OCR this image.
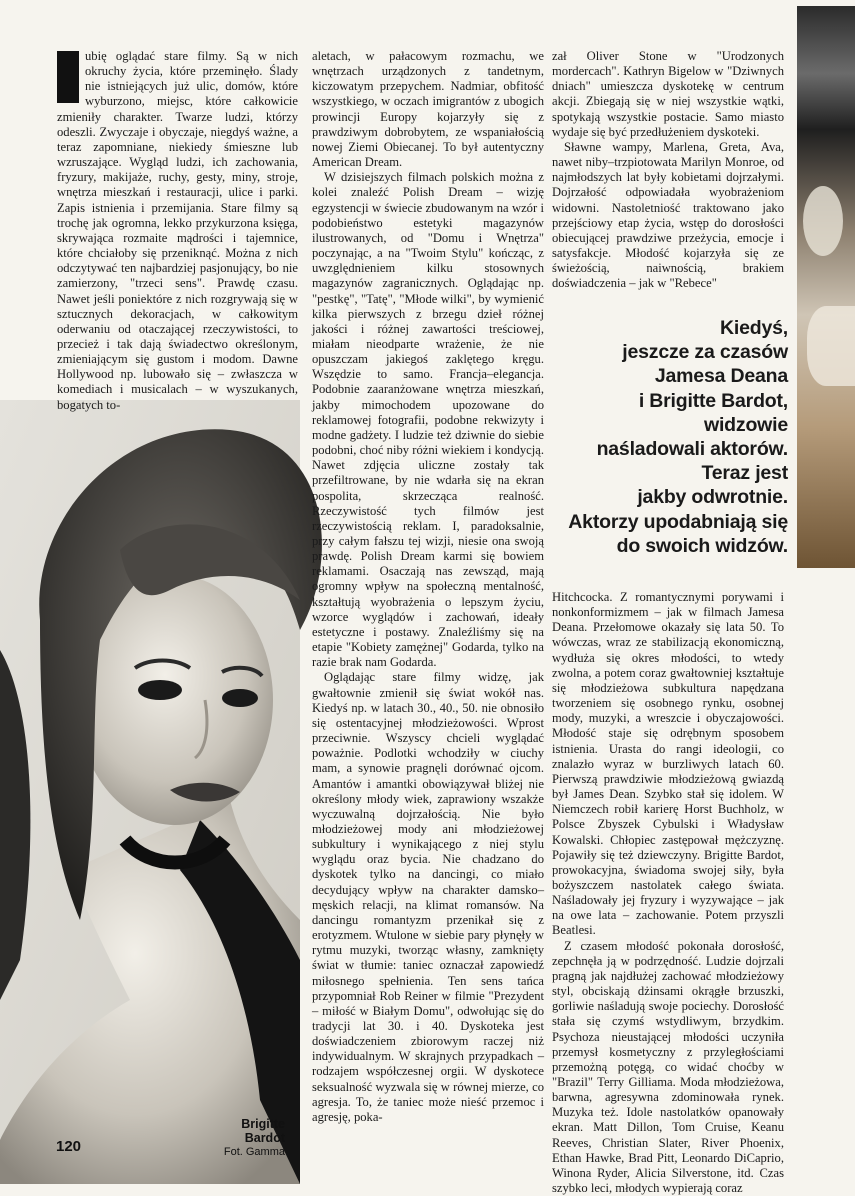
ubię oglądać stare filmy. Są w nich okruchy życia, które przeminęło. Ślady nie istniejących już ulic, domów, które wyburzono, miejsc, które całkowicie zmieniły charakter. Twarze ludzi, którzy odeszli. Zwyczaje i obyczaje, niegdyś ważne, a teraz zapomniane, niekiedy śmieszne lub wzruszające. Wygląd ludzi, ich zachowania, fryzury, makijaże, ruchy, gesty, miny, stroje, wnętrza mieszkań i restauracji, ulice i parki. Zapis istnienia i przemijania. Stare filmy są trochę jak ogromna, lekko przykurzona księga, skrywająca rozmaite mądrości i tajemnice, które chciałoby się przeniknąć. Można z nich odczytywać ten najbardziej pasjonujący, bo nie zamierzony, "trzeci sens". Prawdę czasu. Nawet jeśli poniektóre z nich rozgrywają się w sztucznych dekoracjach, w całkowitym oderwaniu od otaczającej rzeczywistości, to przecież i tak dają świadectwo określonym, zmieniającym się gustom i modom. Dawne Hollywood np. lubowało się – zwłaszcza w komediach i musicalach – w wyszukanych, bogatych to-

aletach, w pałacowym rozmachu, we wnętrzach urządzonych z tandetnym, kiczowatym przepychem. Nadmiar, obfitość wszystkiego, w oczach imigrantów z ubogich prowincji Europy kojarzyły się z prawdziwym dobrobytem, ze wspaniałością nowej Ziemi Obiecanej. To był autentyczny American Dream.

W dzisiejszych filmach polskich można z kolei znaleźć Polish Dream – wizję egzystencji w świecie zbudowanym na wzór i podobieństwo estetyki magazynów ilustrowanych, od "Domu i Wnętrza" poczynając, a na "Twoim Stylu" kończąc, z uwzględnieniem kilku stosownych magazynów zagranicznych. Oglądając np. "pestkę", "Tatę", "Młode wilki", by wymienić kilka pierwszych z brzegu dzieł różnej jakości i różnej zawartości treściowej, miałam nieodparte wrażenie, że nie opuszczam jakiegoś zaklętego kręgu. Wszędzie to samo. Francja–elegancja. Podobnie zaaranżowane wnętrza mieszkań, jakby mimochodem upozowane do reklamowej fotografii, podobne rekwizyty i modne gadżety. I ludzie też dziwnie do siebie podobni, choć niby różni wiekiem i kondycją. Nawet zdjęcia uliczne zostały tak przefiltrowane, by nie wdarła się na ekran pospolita, skrzecząca realność. Rzeczywistość tych filmów jest rzeczywistością reklam. I, paradoksalnie, przy całym fałszu tej wizji, niesie ona swoją prawdę. Polish Dream karmi się bowiem reklamami. Osaczają nas zewsząd, mają ogromny wpływ na społeczną mentalność, kształtują wyobrażenia o lepszym życiu, wzorce wyglądów i zachowań, ideały estetyczne i postawy. Znaleźliśmy się na etapie "Kobiety zamężnej" Godarda, tylko na razie brak nam Godarda.

Oglądając stare filmy widzę, jak gwałtownie zmienił się świat wokół nas. Kiedyś np. w latach 30., 40., 50. nie obnosiło się ostentacyjnej młodzieżowości. Wprost przeciwnie. Wszyscy chcieli wyglądać poważnie. Podlotki wchodziły w ciuchy mam, a synowie pragnęli dorównać ojcom. Amantów i amantki obowiązywał bliżej nie określony młody wiek, zaprawiony wszakże wyczuwalną dojrzałością. Nie było młodzieżowej mody ani młodzieżowej subkultury i wynikającego z niej stylu wyglądu oraz bycia. Nie chadzano do dyskotek tylko na dancingi, co miało decydujący wpływ na charakter damsko–męskich relacji, na klimat romansów. Na dancingu romantyzm przenikał się z erotyzmem. Wtulone w siebie pary płynęły w rytmu muzyki, tworząc własny, zamknięty świat w tłumie: taniec oznaczał zapowiedź miłosnego spełnienia. Ten sens tańca przypomniał Rob Reiner w filmie "Prezydent – miłość w Białym Domu", odwołując się do tradycji lat 30. i 40. Dyskoteka jest doświadczeniem zbiorowym raczej niż indywidualnym. W skrajnych przypadkach – rodzajem współczesnej orgii. W dyskotece seksualność wyzwala się w równej mierze, co agresja. To, że taniec może nieść przemoc i agresję, poka-

zał Oliver Stone w "Urodzonych mordercach". Kathryn Bigelow w "Dziwnych dniach" umieszcza dyskotekę w centrum akcji. Zbiegają się w niej wszystkie wątki, spotykają wszystkie postacie. Samo miasto wydaje się być przedłużeniem dyskoteki.

Sławne wampy, Marlena, Greta, Ava, nawet niby–trzpiotowata Marilyn Monroe, od najmłodszych lat były kobietami dojrzałymi. Dojrzałość odpowiadała wyobrażeniom widowni. Nastoletniość traktowano jako przejściowy etap życia, wstęp do dorosłości obiecującej prawdziwe przeżycia, emocje i satysfakcje. Młodość kojarzyła się ze świeżością, naiwnością, brakiem doświadczenia – jak w "Rebece"

Kiedyś,
jeszcze za czasów
Jamesa Deana
i Brigitte Bardot,
widzowie
naśladowali aktorów.
Teraz jest
jakby odwrotnie.
Aktorzy upodabniają się
do swoich widzów.

Hitchcocka. Z romantycznymi porywami i nonkonformizmem – jak w filmach Jamesa Deana. Przełomowe okazały się lata 50. To wówczas, wraz ze stabilizacją ekonomiczną, wydłuża się okres młodości, to wtedy zwolna, a potem coraz gwałtowniej kształtuje się młodzieżowa subkultura napędzana tworzeniem się osobnego rynku, osobnej mody, muzyki, a wreszcie i obyczajowości. Młodość staje się odrębnym sposobem istnienia. Urasta do rangi ideologii, co znalazło wyraz w burzliwych latach 60. Pierwszą prawdziwie młodzieżową gwiazdą był James Dean. Szybko stał się idolem. W Niemczech robił karierę Horst Buchholz, w Polsce Zbyszek Cybulski i Władysław Kowalski. Chłopiec zastępował mężczyznę. Pojawiły się też dziewczyny. Brigitte Bardot, prowokacyjna, świadoma swojej siły, była bożyszczem nastolatek całego świata. Naśladowały jej fryzury i wyzywające – jak na owe lata – zachowanie. Potem przyszli Beatlesi.

Z czasem młodość pokonała dorosłość, zepchnęła ją w podrzędność. Ludzie dojrzali pragną jak najdłużej zachować młodzieżowy styl, obciskają dżinsami okrągłe brzuszki, gorliwie naśladują swoje pociechy. Dorosłość stała się czymś wstydliwym, brzydkim. Psychoza nieustającej młodości uczyniła przemysł kosmetyczny z przyległościami przemożną potęgą, co widać choćby w "Brazil" Terry Gilliama. Moda młodzieżowa, barwna, agresywna zdominowała rynek. Muzyka też. Idole nastolatków opanowały ekran. Matt Dillon, Tom Cruise, Keanu Reeves, Christian Slater, River Phoenix, Ethan Hawke, Brad Pitt, Leonardo DiCaprio, Winona Ryder, Alicia Silverstone, itd. Czas szybko leci, młodych wypierają coraz

Brigitte
Bardot
Fot. Gamma
120
